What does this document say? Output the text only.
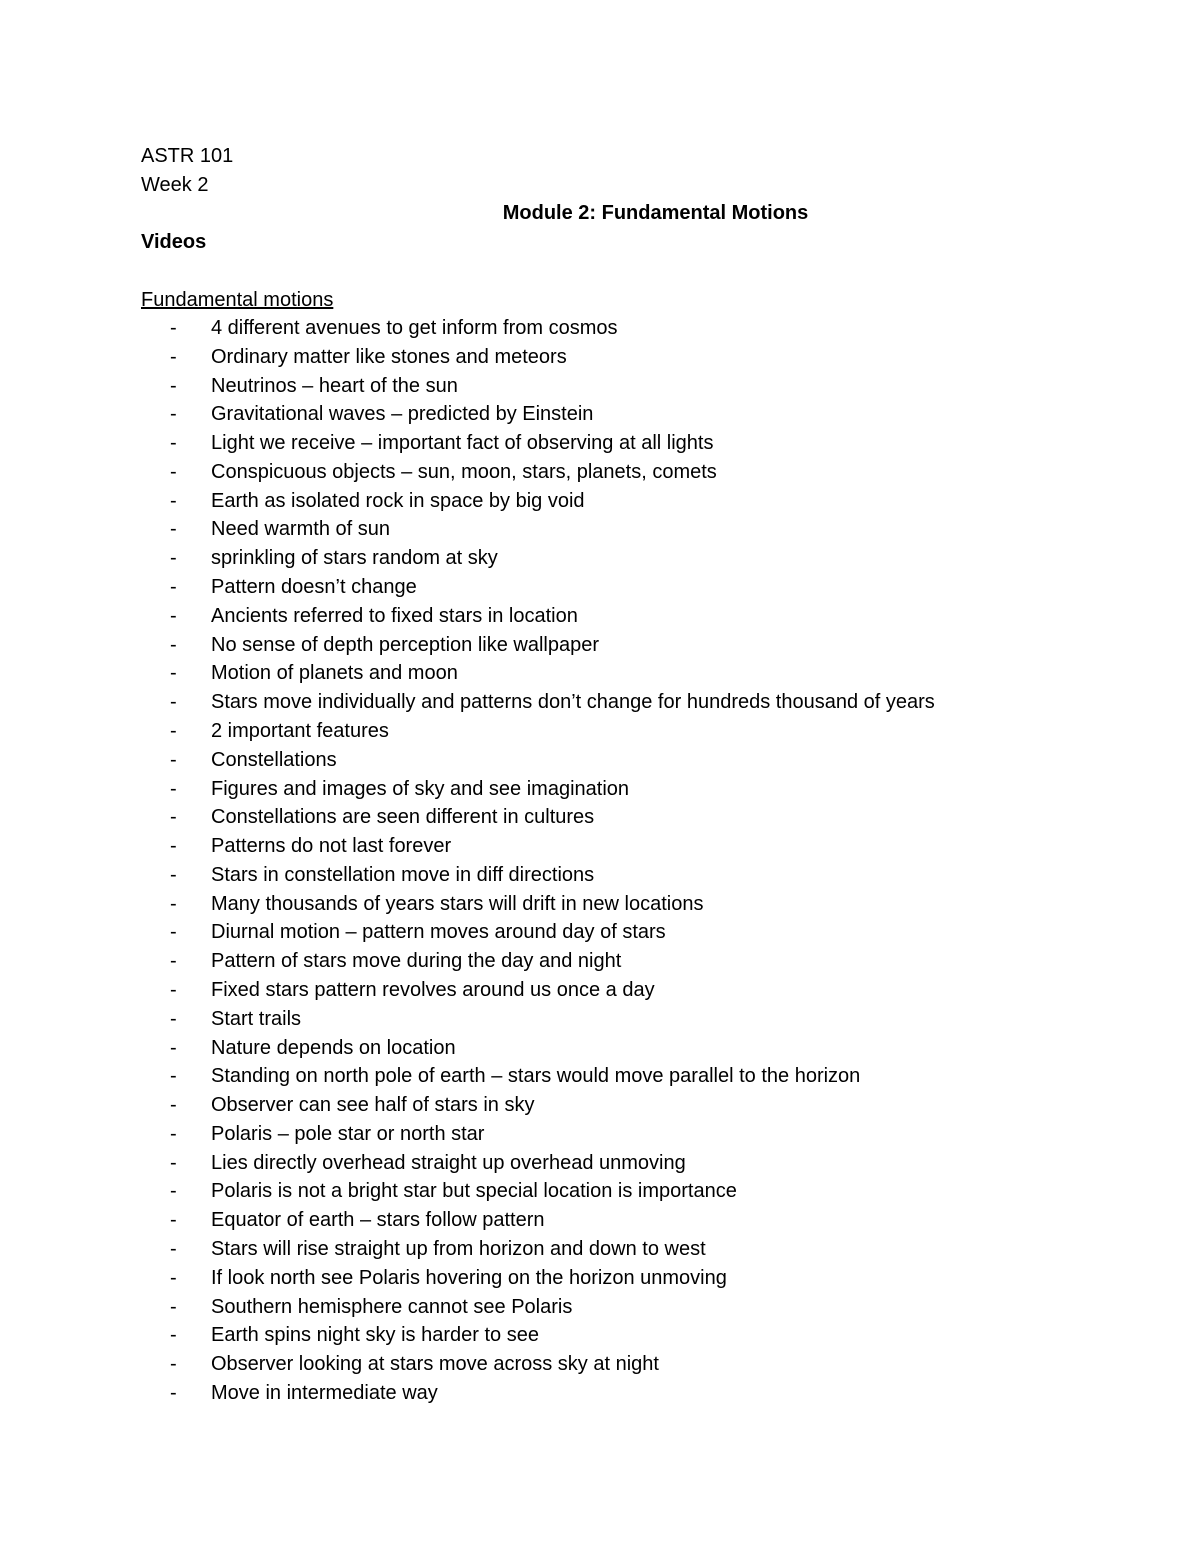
ASTR 101
Week 2
Module 2: Fundamental Motions
Videos
Fundamental motions
-	4 different avenues to get inform from cosmos
-	Ordinary matter like stones and meteors
-	Neutrinos – heart of the sun
-	Gravitational waves – predicted by Einstein
-	Light we receive – important fact of observing at all lights
-	Conspicuous objects – sun, moon, stars, planets, comets
-	Earth as isolated rock in space by big void
-	Need warmth of sun
-	sprinkling of stars random at sky
-	Pattern doesn’t change
-	Ancients referred to fixed stars in location
-	No sense of depth perception like wallpaper
-	Motion of planets and moon
-	Stars move individually and patterns don’t change for hundreds thousand of years
-	2 important features
-	Constellations
-	Figures and images of sky and see imagination
-	Constellations are seen different in cultures
-	Patterns do not last forever
-	Stars in constellation move in diff directions
-	Many thousands of years stars will drift in new locations
-	Diurnal motion – pattern moves around day of stars
-	Pattern of stars move during the day and night
-	Fixed stars pattern revolves around us once a day
-	Start trails
-	Nature depends on location
-	Standing on north pole of earth – stars would move parallel to the horizon
-	Observer can see half of stars in sky
-	Polaris – pole star or north star
-	Lies directly overhead straight up overhead unmoving
-	Polaris is not a bright star but special location is importance
-	Equator of earth – stars follow pattern
-	Stars will rise straight up from horizon and down to west
-	If look north see Polaris hovering on the horizon unmoving
-	Southern hemisphere cannot see Polaris
-	Earth spins night sky is harder to see
-	Observer looking at stars move across sky at night
-	Move in intermediate way
